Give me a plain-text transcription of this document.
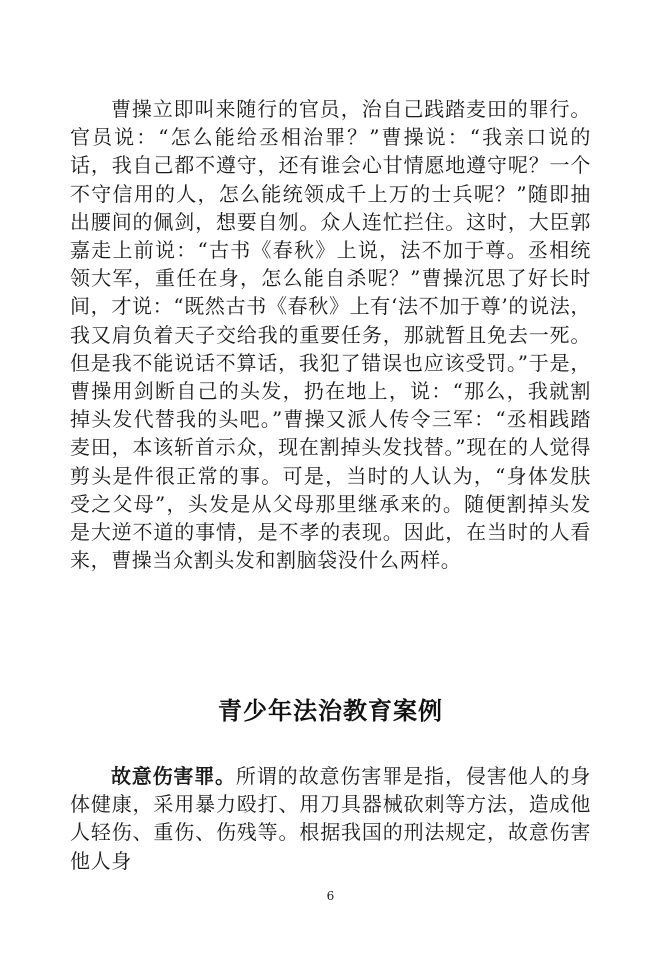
曹操立即叫来随行的官员，治自己践踏麦田的罪行。官员说：“怎么能给丞相治罪？”曹操说：“我亲口说的话，我自己都不遵守，还有谁会心甘情愿地遵守呢？一个不守信用的人，怎么能统领成千上万的士兵呢？”随即抽出腰间的佩剑，想要自刎。众人连忙拦住。这时，大臣郭嘉走上前说：“古书《春秋》上说，法不加于尊。丞相统领大军，重任在身，怎么能自杀呢？”曹操沉思了好长时间，才说：“既然古书《春秋》上有‘法不加于尊’的说法，我又肩负着天子交给我的重要任务，那就暂且免去一死。但是我不能说话不算话，我犯了错误也应该受罚。”于是，曹操用剑断自己的头发，扔在地上，说：“那么，我就割掉头发代替我的头吧。”曹操又派人传令三军：“丞相践踏麦田，本该斩首示众，现在割掉头发找替。”现在的人觉得剪头是件很正常的事。可是，当时的人认为，“身体发肤受之父母”，头发是从父母那里继承来的。随便割掉头发是大逆不道的事情，是不孝的表现。因此，在当时的人看来，曹操当众割头发和割脑袋没什么两样。

青少年法治教育案例

故意伤害罪。所谓的故意伤害罪是指，侵害他人的身体健康，采用暴力殴打、用刀具器械砍刺等方法，造成他人轻伤、重伤、伤残等。根据我国的刑法规定，故意伤害他人身

6
